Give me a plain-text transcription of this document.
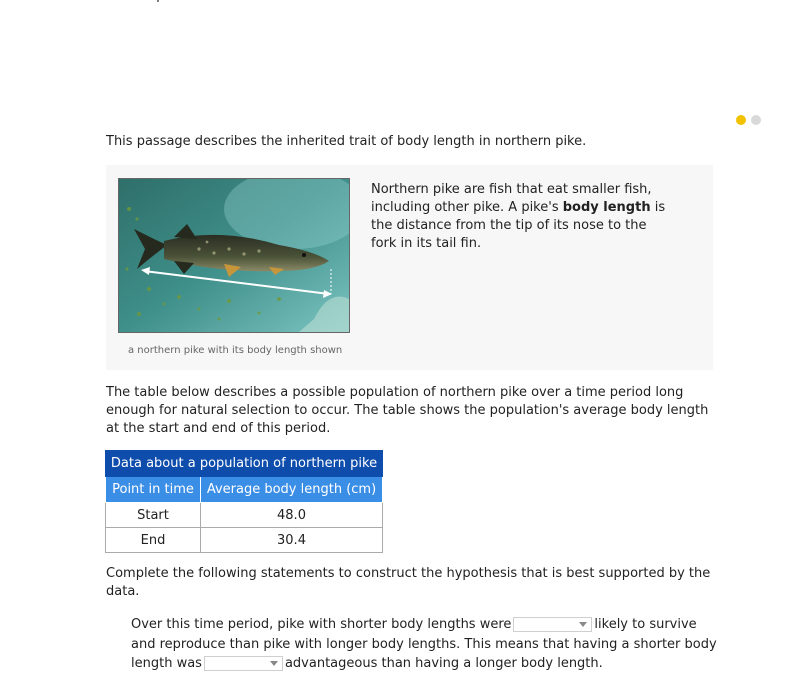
This passage describes the inherited trait of body length in northern pike.
a northern pike with its body length shown
Northern pike are fish that eat smaller fish, including other pike. A pike's body length is the distance from the tip of its nose to the fork in its tail fin.
The table below describes a possible population of northern pike over a time period long enough for natural selection to occur. The table shows the population's average body length at the start and end of this period.
Data about a population of northern pike	
Point in time	Average body length (cm)
Start	48.0
End	30.4
Complete the following statements to construct the hypothesis that is best supported by the data.
Over this time period, pike with shorter body lengths were	likely to survive and reproduce than pike with longer body lengths. This means that having a shorter body length was	advantageous than having a longer body length.
